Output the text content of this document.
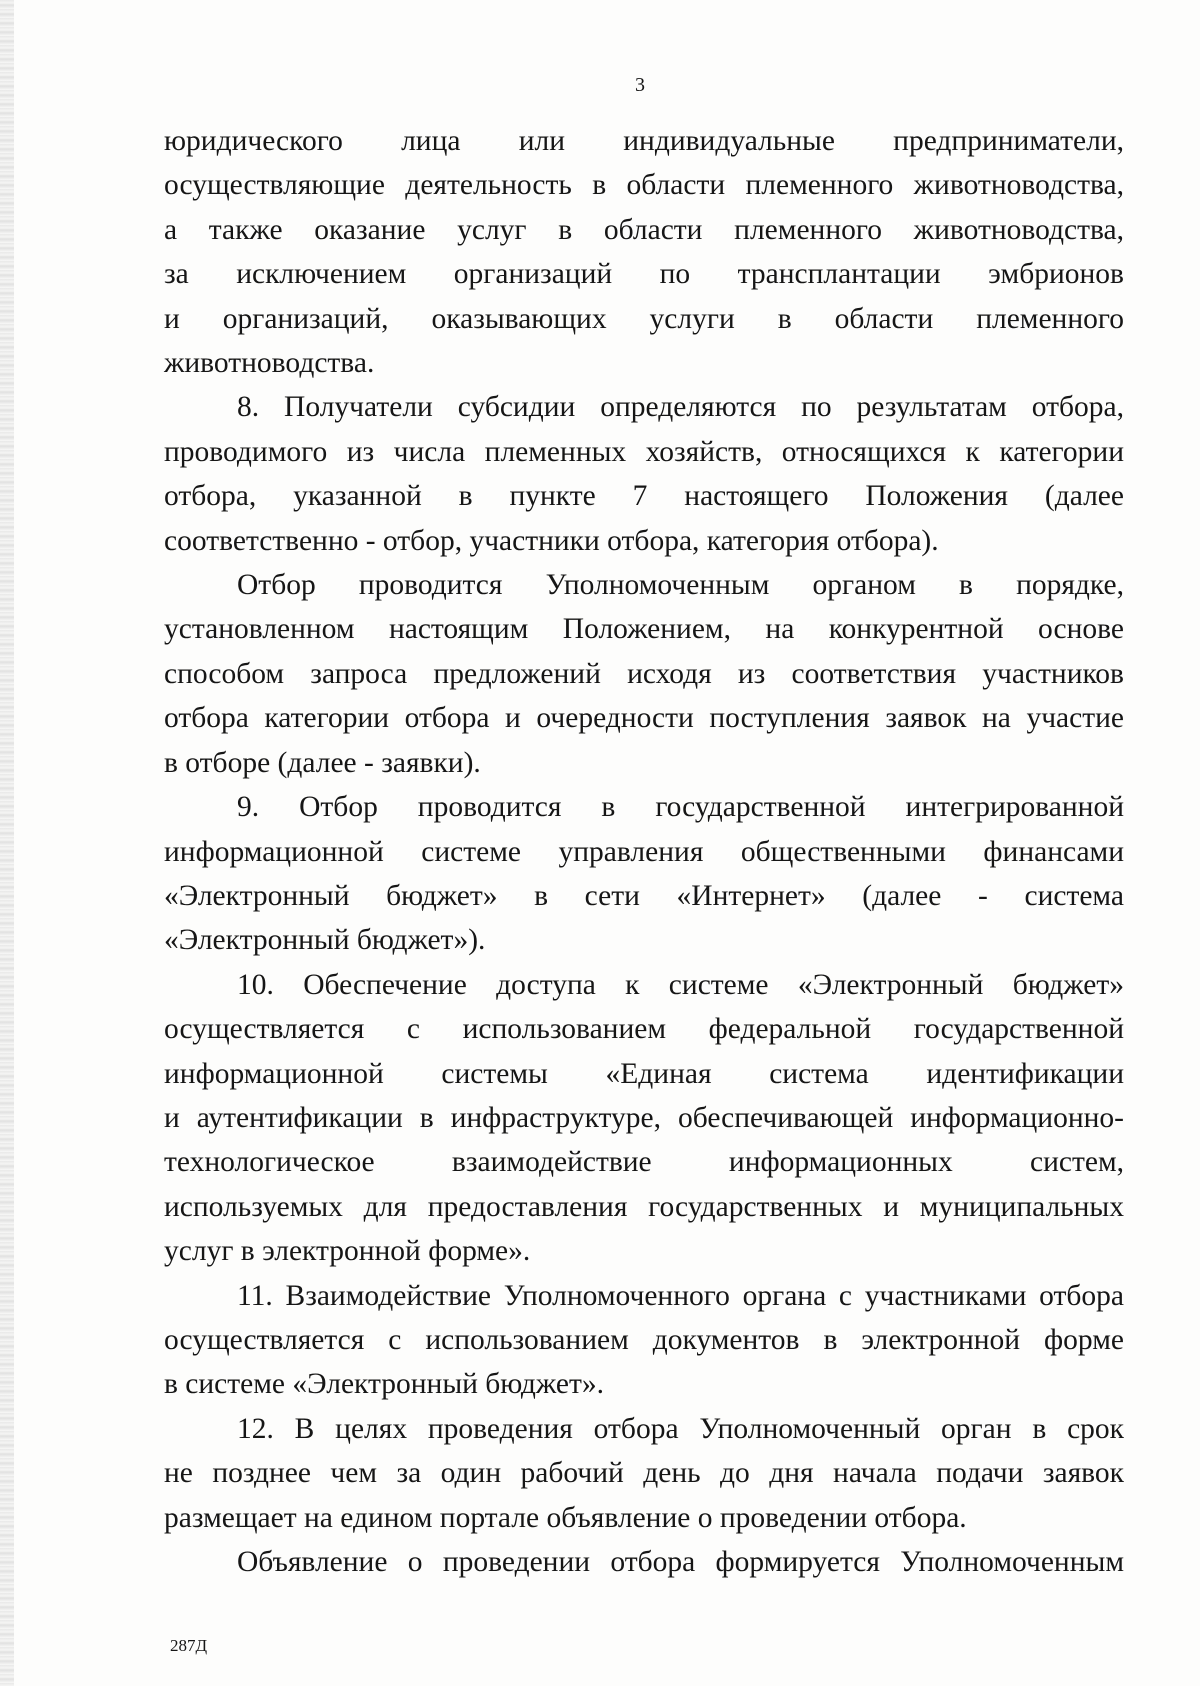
3

юридического лица или индивидуальные предприниматели,

осуществляющие деятельность в области племенного животноводства,

а также оказание услуг в области племенного животноводства,

за исключением организаций по трансплантации эмбрионов

и организаций, оказывающих услуги в области племенного

животноводства.

8. Получатели субсидии определяются по результатам отбора,

проводимого из числа племенных хозяйств, относящихся к категории

отбора, указанной в пункте 7 настоящего Положения (далее

соответственно - отбор, участники отбора, категория отбора).

Отбор проводится Уполномоченным органом в порядке,

установленном настоящим Положением, на конкурентной основе

способом запроса предложений исходя из соответствия участников

отбора категории отбора и очередности поступления заявок на участие

в отборе (далее - заявки).

9. Отбор проводится в государственной интегрированной

информационной системе управления общественными финансами

«Электронный бюджет» в сети «Интернет» (далее - система

«Электронный бюджет»).

10. Обеспечение доступа к системе «Электронный бюджет»

осуществляется с использованием федеральной государственной

информационной системы «Единая система идентификации

и аутентификации в инфраструктуре, обеспечивающей информационно-

технологическое взаимодействие информационных систем,

используемых для предоставления государственных и муниципальных

услуг в электронной форме».

11. Взаимодействие Уполномоченного органа с участниками отбора

осуществляется с использованием документов в электронной форме

в системе «Электронный бюджет».

12. В целях проведения отбора Уполномоченный орган в срок

не позднее чем за один рабочий день до дня начала подачи заявок

размещает на едином портале объявление о проведении отбора.

Объявление о проведении отбора формируется Уполномоченным

287Д
